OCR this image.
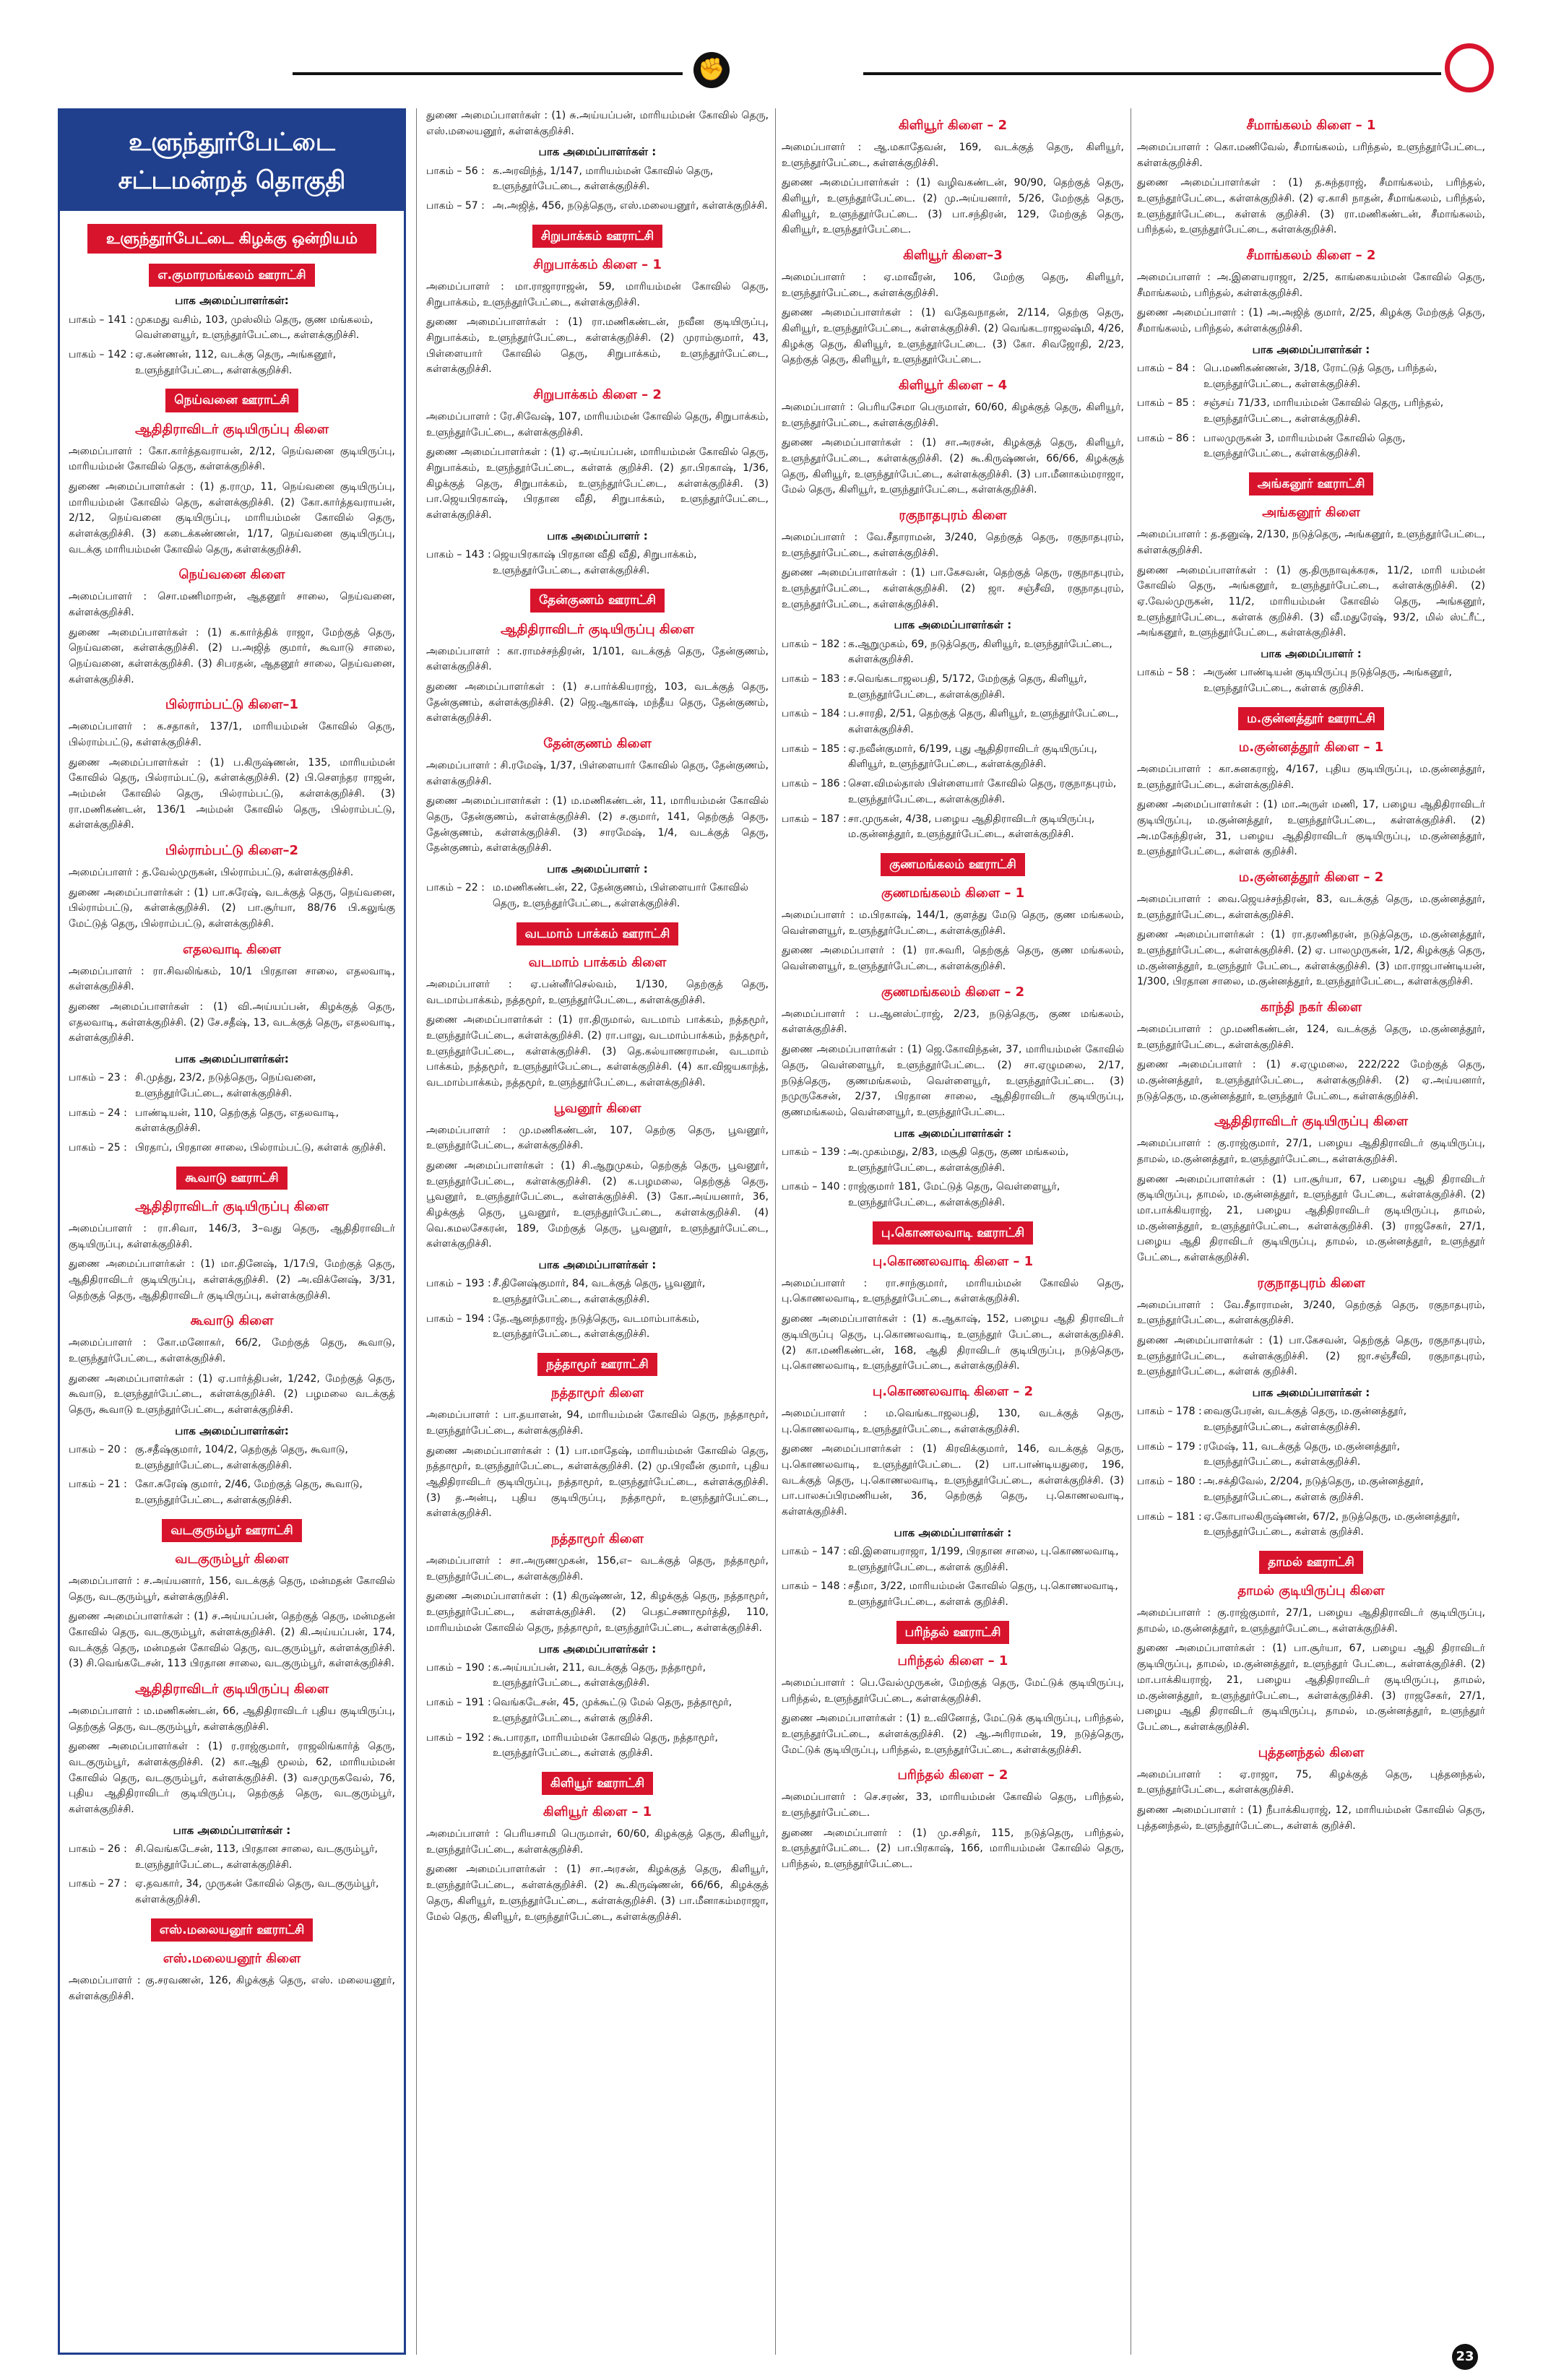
✊
உளுந்தூர்பேட்டை சட்டமன்றத் தொகுதி
உளுந்தூர்பேட்டை கிழக்கு ஒன்றியம்
எ.குமாரமங்கலம் ஊராட்சி
பாக அமைப்பாளர்கள்:
பாகம் – 141 : முகமது வசிம், 103, முஸ்லிம் தெரு, குண மங்கலம், வெள்ளையூர், உளுந்தூர்பேட்டை, கள்ளக்குறிச்சி.
பாகம் – 142 : ஏ.கண்ணன், 112, வடக்கு தெரு, அங்கனூர், உளுந்தூர்பேட்டை, கள்ளக்குறிச்சி.
நெய்வனை ஊராட்சி
ஆதிதிராவிடர் குடியிருப்பு கிளை

அமைப்பாளர் : கோ.கார்த்தவராயன், 2/12, நெய்வனை குடியிருப்பு, மாரியம்மன் கோவில் தெரு, கள்ளக்குறிச்சி.

துணை அமைப்பாளர்கள் : (1) த.ராமு, 11, நெய்வனை குடியிருப்பு, மாரியம்மன் கோவில் தெரு, கள்ளக்குறிச்சி. (2) கோ.கார்த்தவராயன், 2/12, நெய்வனை குடியிருப்பு, மாரியம்மன் கோவில் தெரு, கள்ளக்குறிச்சி. (3) கடைக்கண்ணன், 1/17, நெய்வனை குடியிருப்பு, வடக்கு மாரியம்மன் கோவில் தெரு, கள்ளக்குறிச்சி.

நெய்வனை கிளை

அமைப்பாளர் : சொ.மணிமாறன், ஆதனூர் சாலை, நெய்வனை, கள்ளக்குறிச்சி.

துணை அமைப்பாளர்கள் : (1) க.கார்த்திக் ராஜா, மேற்குத் தெரு, நெய்வனை, கள்ளக்குறிச்சி. (2) ப.அஜித் குமார், கூவாடு சாலை, நெய்வனை, கள்ளக்குறிச்சி. (3) சிபரதன், ஆதனூர் சாலை, நெய்வனை, கள்ளக்குறிச்சி.

பில்ராம்பட்டு கிளை–1

அமைப்பாளர் : க.சதாகர், 137/1, மாரியம்மன் கோவில் தெரு, பில்ராம்பட்டு, கள்ளக்குறிச்சி.

துணை அமைப்பாளர்கள் : (1) ப.கிருஷ்ணன், 135, மாரியம்மன் கோவில் தெரு, பில்ராம்பட்டு, கள்ளக்குறிச்சி. (2) பி.செளந்தர ராஜன், அம்மன் கோவில் தெரு, பில்ராம்பட்டு, கள்ளக்குறிச்சி. (3) ரா.மணிகண்டன், 136/1 அம்மன் கோவில் தெரு, பில்ராம்பட்டு, கள்ளக்குறிச்சி.

பில்ராம்பட்டு கிளை–2

அமைப்பாளர் : த.வேல்முருகன், பில்ராம்பட்டு, கள்ளக்குறிச்சி.

துணை அமைப்பாளர்கள் : (1) பா.சுரேஷ், வடக்குத் தெரு, நெய்வனை, பில்ராம்பட்டு, கள்ளக்குறிச்சி. (2) பா.சூர்யா, 88/76 பி.கலுங்கு மேட்டுத் தெரு, பில்ராம்பட்டு, கள்ளக்குறிச்சி.

எதலவாடி கிளை

அமைப்பாளர் : ரா.சிவலிங்கம், 10/1 பிரதான சாலை, எதலவாடி, கள்ளக்குறிச்சி.

துணை அமைப்பாளர்கள் : (1) வி.அய்யப்பன், கிழக்குத் தெரு, எதலவாடி, கள்ளக்குறிச்சி. (2) சே.சதீஷ், 13, வடக்குத் தெரு, எதலவாடி, கள்ளக்குறிச்சி.

பாக அமைப்பாளர்கள்:
பாகம் – 23 : சி.முத்து, 23/2, நடுத்தெரு, நெய்வனை, உளுந்தூர்பேட்டை, கள்ளக்குறிச்சி.
பாகம் – 24 : பாண்டியன், 110, தெற்குத் தெரு, எதலவாடி, கள்ளக்குறிச்சி.
பாகம் – 25 : பிரதாப், பிரதான சாலை, பில்ராம்பட்டு, கள்ளக் குறிச்சி.
கூவாடு ஊராட்சி
ஆதிதிராவிடர் குடியிருப்பு கிளை

அமைப்பாளர் : ரா.சிவா, 146/3, 3–வது தெரு, ஆதிதிராவிடர் குடியிருப்பு, கள்ளக்குறிச்சி.

துணை அமைப்பாளர்கள் : (1) மா.தினேஷ், 1/17பி, மேற்குத் தெரு, ஆதிதிராவிடர் குடியிருப்பு, கள்ளக்குறிச்சி. (2) அ.விக்னேஷ், 3/31, தெற்குத் தெரு, ஆதிதிராவிடர் குடியிருப்பு, கள்ளக்குறிச்சி.

கூவாடு கிளை

அமைப்பாளர் : கோ.மனோகர், 66/2, மேற்குத் தெரு, கூவாடு, உளுந்தூர்பேட்டை, கள்ளக்குறிச்சி.

துணை அமைப்பாளர்கள் : (1) ஏ.பார்த்திபன், 1/242, மேற்குத் தெரு, கூவாடு, உளுந்தூர்பேட்டை, கள்ளக்குறிச்சி. (2) பழமலை வடக்குத் தெரு, கூவாடு உளுந்தூர்பேட்டை, கள்ளக்குறிச்சி.

பாக அமைப்பாளர்கள்:
பாகம் – 20 : கு.சதீஷ்குமார், 104/2, தெற்குத் தெரு, கூவாடு, உளுந்தூர்பேட்டை, கள்ளக்குறிச்சி.
பாகம் – 21 : கோ.சுரேஷ் குமார், 2/46, மேற்குத் தெரு, கூவாடு, உளுந்தூர்பேட்டை, கள்ளக்குறிச்சி.
வடகுரும்பூர் ஊராட்சி
வடகுரும்பூர் கிளை

அமைப்பாளர் : ச.அய்யனார், 156, வடக்குத் தெரு, மன்மதன் கோவில் தெரு, வடகுரும்பூர், கள்ளக்குறிச்சி.

துணை அமைப்பாளர்கள் : (1) ச.அய்யப்பன், தெற்குத் தெரு, மன்மதன் கோவில் தெரு, வடகுரும்பூர், கள்ளக்குறிச்சி. (2) கி.அய்யப்பன், 174, வடக்குத் தெரு, மன்மதன் கோவில் தெரு, வடகுரும்பூர், கள்ளக்குறிச்சி. (3) சி.வெங்கடேசன், 113 பிரதான சாலை, வடகுரும்பூர், கள்ளக்குறிச்சி.

ஆதிதிராவிடர் குடியிருப்பு கிளை

அமைப்பாளர் : ம.மணிகண்டன், 66, ஆதிதிராவிடர் புதிய குடியிருப்பு, தெற்குத் தெரு, வடகுரும்பூர், கள்ளக்குறிச்சி.

துணை அமைப்பாளர்கள் : (1) ர.ராஜ்குமார், ராஜலிங்கார்த் தெரு, வடகுரும்பூர், கள்ளக்குறிச்சி. (2) கா.ஆதி மூலம், 62, மாரியம்மன் கோவில் தெரு, வடகுரும்பூர், கள்ளக்குறிச்சி. (3) வசமுருகவேல், 76, புதிய ஆதிதிராவிடர் குடியிருப்பு, தெற்குத் தெரு, வடகுரும்பூர், கள்ளக்குறிச்சி.

பாக அமைப்பாளர்கள் :
பாகம் – 26 : சி.வெங்கடேசன், 113, பிரதான சாலை, வடகுரும்பூர், உளுந்தூர்பேட்டை, கள்ளக்குறிச்சி.
பாகம் – 27 : ஏ.தவகார், 34, முருகன் கோவில் தெரு, வடகுரும்பூர், கள்ளக்குறிச்சி.
எஸ்.மலையனூர் ஊராட்சி
எஸ்.மலையனூர் கிளை

அமைப்பாளர் : கு.சரவணன், 126, கிழக்குத் தெரு, எஸ். மலையனூர், கள்ளக்குறிச்சி.

துணை அமைப்பாளர்கள் : (1) சு.அய்யப்பன், மாரியம்மன் கோவில் தெரு, எஸ்.மலையனூர், கள்ளக்குறிச்சி.

பாக அமைப்பாளர்கள் :
பாகம் – 56 : க.அரவிந்த், 1/147, மாரியம்மன் கோவில் தெரு, உளுந்தூர்பேட்டை, கள்ளக்குறிச்சி.
பாகம் – 57 : அ.அஜித், 456, நடுத்தெரு, எஸ்.மலையனூர், கள்ளக்குறிச்சி.
சிறுபாக்கம் ஊராட்சி
சிறுபாக்கம் கிளை – 1

அமைப்பாளர் : மா.ராஜாராஜன், 59, மாரியம்மன் கோவில் தெரு, சிறுபாக்கம், உளுந்தூர்பேட்டை, கள்ளக்குறிச்சி.

துணை அமைப்பாளர்கள் : (1) ரா.மணிகண்டன், நவீன குடியிருப்பு, சிறுபாக்கம், உளுந்தூர்பேட்டை, கள்ளக்குறிச்சி. (2) முராம்குமார், 43, பிள்ளையார் கோவில் தெரு, சிறுபாக்கம், உளுந்தூர்பேட்டை, கள்ளக்குறிச்சி.

சிறுபாக்கம் கிளை – 2

அமைப்பாளர் : ரே.சிவேஷ், 107, மாரியம்மன் கோவில் தெரு, சிறுபாக்கம், உளுந்தூர்பேட்டை, கள்ளக்குறிச்சி.

துணை அமைப்பாளர்கள் : (1) ஏ.அய்யப்பன், மாரியம்மன் கோவில் தெரு, சிறுபாக்கம், உளுந்தூர்பேட்டை, கள்ளக் குறிச்சி. (2) தா.பிரகாஷ், 1/36, கிழக்குத் தெரு, சிறுபாக்கம், உளுந்தூர்பேட்டை, கள்ளக்குறிச்சி. (3) பா.ஜெயபிரகாஷ், பிரதான வீதி, சிறுபாக்கம், உளுந்தூர்பேட்டை, கள்ளக்குறிச்சி.

பாக அமைப்பாளர் :
பாகம் – 143 : ஜெயபிரகாஷ் பிரதான வீதி வீதி, சிறுபாக்கம், உளுந்தூர்பேட்டை, கள்ளக்குறிச்சி.
தேன்குணம் ஊராட்சி
ஆதிதிராவிடர் குடியிருப்பு கிளை

அமைப்பாளர் : கா.ராமச்சந்திரன், 1/101, வடக்குத் தெரு, தேன்குணம், கள்ளக்குறிச்சி.

துணை அமைப்பாளர்கள் : (1) ச.பார்க்கியராஜ், 103, வடக்குத் தெரு, தேன்குணம், கள்ளக்குறிச்சி. (2) ஜெ.ஆகாஷ், மந்தீய தெரு, தேன்குணம், கள்ளக்குறிச்சி.

தேன்குணம் கிளை

அமைப்பாளர் : சி.ரமேஷ், 1/37, பிள்ளையார் கோவில் தெரு, தேன்குணம், கள்ளக்குறிச்சி.

துணை அமைப்பாளர்கள் : (1) ம.மணிகண்டன், 11, மாரியம்மன் கோவில் தெரு, தேன்குணம், கள்ளக்குறிச்சி. (2) ச.குமார், 141, தெற்குத் தெரு, தேன்குணம், கள்ளக்குறிச்சி. (3) சாரமேஷ், 1/4, வடக்குத் தெரு, தேன்குணம், கள்ளக்குறிச்சி.

பாக அமைப்பாளர் :
பாகம் – 22 : ம.மணிகண்டன், 22, தேன்குணம், பிள்ளையார் கோவில் தெரு, உளுந்தூர்பேட்டை, கள்ளக்குறிச்சி.
வடமாம் பாக்கம் ஊராட்சி
வடமாம் பாக்கம் கிளை

அமைப்பாளர் : ஏ.பன்னீர்செல்வம், 1/130, தெற்குத் தெரு, வடமாம்பாக்கம், நத்தமூர், உளுந்தூர்பேட்டை, கள்ளக்குறிச்சி.

துணை அமைப்பாளர்கள் : (1) ரா.திருமால், வடமாம் பாக்கம், நத்தமூர், உளுந்தூர்பேட்டை, கள்ளக்குறிச்சி. (2) ரா.பாலு, வடமாம்பாக்கம், நத்தமூர், உளுந்தூர்பேட்டை, கள்ளக்குறிச்சி. (3) தெ.கல்யாணராமன், வடமாம் பாக்கம், நத்தமூர், உளுந்தூர்பேட்டை, கள்ளக்குறிச்சி. (4) கா.விஜயகாந்த், வடமாம்பாக்கம், நத்தமூர், உளுந்தூர்பேட்டை, கள்ளக்குறிச்சி.

பூவனூர் கிளை

அமைப்பாளர் : மு.மணிகண்டன், 107, தெற்கு தெரு, பூவனூர், உளுந்தூர்பேட்டை, கள்ளக்குறிச்சி.

துணை அமைப்பாளர்கள் : (1) சி.ஆறுமுகம், தெற்குத் தெரு, பூவனூர், உளுந்தூர்பேட்டை, கள்ளக்குறிச்சி. (2) க.பழமலை, தெற்குத் தெரு, பூவனூர், உளுந்தூர்பேட்டை, கள்ளக்குறிச்சி. (3) கோ.அய்யனார், 36, கிழக்குத் தெரு, பூவனூர், உளுந்தூர்பேட்டை, கள்ளக்குறிச்சி. (4) வெ.கமலசேகரன், 189, மேற்குத் தெரு, பூவனூர், உளுந்தூர்பேட்டை, கள்ளக்குறிச்சி.

பாக அமைப்பாளர்கள் :
பாகம் – 193 : சீ.தினேஷ்குமார், 84, வடக்குத் தெரு, பூவனூர், உளுந்தூர்பேட்டை, கள்ளக்குறிச்சி.
பாகம் – 194 : தே.ஆனந்தராஜ், நடுத்தெரு, வடமாம்பாக்கம், உளுந்தூர்பேட்டை, கள்ளக்குறிச்சி.
நத்தாமூர் ஊராட்சி
நத்தாமூர் கிளை

அமைப்பாளர் : பா.தயாளன், 94, மாரியம்மன் கோவில் தெரு, நத்தாமூர், உளுந்தூர்பேட்டை, கள்ளக்குறிச்சி.

துணை அமைப்பாளர்கள் : (1) பா.மாதேஷ், மாரியம்மன் கோவில் தெரு, நத்தாமூர், உளுந்தூர்பேட்டை, கள்ளக்குறிச்சி. (2) மு.பிரவீன் குமார், புதிய ஆதிதிராவிடர் குடியிருப்பு, நத்தாமூர், உளுந்தூர்பேட்டை, கள்ளக்குறிச்சி. (3) த.அன்பு, புதிய குடியிருப்பு, நத்தாமூர், உளுந்தூர்பேட்டை, கள்ளக்குறிச்சி.

நத்தாமூர் கிளை

அமைப்பாளர் : சா.அருணமுகன், 156,எ– வடக்குத் தெரு, நத்தாமூர், உளுந்தூர்பேட்டை, கள்ளக்குறிச்சி.

துணை அமைப்பாளர்கள் : (1) கிருஷ்ணன், 12, கிழக்குத் தெரு, நத்தாமூர், உளுந்தூர்பேட்டை, கள்ளக்குறிச்சி. (2) பெதட்சணாமூர்த்தி, 110, மாரியம்மன் கோவில் தெரு, நத்தாமூர், உளுந்தூர்பேட்டை, கள்ளக்குறிச்சி.

பாக அமைப்பாளர்கள் :
பாகம் – 190 : க.அய்யப்பன், 211, வடக்குத் தெரு, நத்தாமூர், உளுந்தூர்பேட்டை, கள்ளக்குறிச்சி.
பாகம் – 191 : வெங்கடேசன், 45, முக்கூட்டு மேல் தெரு, நத்தாமூர், உளுந்தூர்பேட்டை, கள்ளக் குறிச்சி.
பாகம் – 192 : கூ.பாரதா, மாரியம்மன் கோவில் தெரு, நத்தாமூர், உளுந்தூர்பேட்டை, கள்ளக் குறிச்சி.
கிளியூர் ஊராட்சி
கிளியூர் கிளை – 1

அமைப்பாளர் : பெரியசாமி பெருமாள், 60/60, கிழக்குத் தெரு, கிளியூர், உளுந்தூர்பேட்டை, கள்ளக்குறிச்சி.

துணை அமைப்பாளர்கள் : (1) சா.அரசன், கிழக்குத் தெரு, கிளியூர், உளுந்தூர்பேட்டை, கள்ளக்குறிச்சி. (2) கூ.கிருஷ்ணன், 66/66, கிழக்குத் தெரு, கிளியூர், உளுந்தூர்பேட்டை, கள்ளக்குறிச்சி. (3) பா.மீனாகம்மராஜா, மேல் தெரு, கிளியூர், உளுந்தூர்பேட்டை, கள்ளக்குறிச்சி.

கிளியூர் கிளை – 2

அமைப்பாளர் : ஆ.மகாதேவன், 169, வடக்குத் தெரு, கிளியூர், உளுந்தூர்பேட்டை, கள்ளக்குறிச்சி.

துணை அமைப்பாளர்கள் : (1) வழிவகண்டன், 90/90, தெற்குத் தெரு, கிளியூர், உளுந்தூர்பேட்டை. (2) மு.அய்யனார், 5/26, மேற்குத் தெரு, கிளியூர், உளுந்தூர்பேட்டை. (3) பா.சந்திரன், 129, மேற்குத் தெரு, கிளியூர், உளுந்தூர்பேட்டை.

கிளியூர் கிளை–3

அமைப்பாளர் : ஏ.மாவீரன், 106, மேற்கு தெரு, கிளியூர், உளுந்தூர்பேட்டை, கள்ளக்குறிச்சி.

துணை அமைப்பாளர்கள் : (1) வதேவநாதன், 2/114, தெற்கு தெரு, கிளியூர், உளுந்தூர்பேட்டை, கள்ளக்குறிச்சி. (2) வெங்கடராஜலஷ்மி, 4/26, கிழக்கு தெரு, கிளியூர், உளுந்தூர்பேட்டை. (3) கோ. சிவஜோதி, 2/23, தெற்குத் தெரு, கிளியூர், உளுந்தூர்பேட்டை.

கிளியூர் கிளை – 4

அமைப்பாளர் : பெரியசேமா பெருமாள், 60/60, கிழக்குத் தெரு, கிளியூர், உளுந்தூர்பேட்டை, கள்ளக்குறிச்சி.

துணை அமைப்பாளர்கள் : (1) சா.அரசன், கிழக்குத் தெரு, கிளியூர், உளுந்தூர்பேட்டை, கள்ளக்குறிச்சி. (2) கூ.கிருஷ்ணன், 66/66, கிழக்குத் தெரு, கிளியூர், உளுந்தூர்பேட்டை, கள்ளக்குறிச்சி. (3) பா.மீனாகம்மராஜா, மேல் தெரு, கிளியூர், உளுந்தூர்பேட்டை, கள்ளக்குறிச்சி.

ரகுநாதபுரம் கிளை

அமைப்பாளர் : வே.சீதாராமன், 3/240, தெற்குத் தெரு, ரகுநாதபுரம், உளுந்தூர்பேட்டை, கள்ளக்குறிச்சி.

துணை அமைப்பாளர்கள் : (1) பா.கேசவன், தெற்குத் தெரு, ரகுநாதபுரம், உளுந்தூர்பேட்டை, கள்ளக்குறிச்சி. (2) ஜா. சஞ்சீவி, ரகுநாதபுரம், உளுந்தூர்பேட்டை, கள்ளக்குறிச்சி.

பாக அமைப்பாளர்கள் :
பாகம் – 182 : க.ஆறுமுகம், 69, நடுத்தெரு, கிளியூர், உளுந்தூர்பேட்டை, கள்ளக்குறிச்சி.
பாகம் – 183 : ச.வெங்கடாஜலபதி, 5/172, மேற்குத் தெரு, கிளியூர், உளுந்தூர்பேட்டை, கள்ளக்குறிச்சி.
பாகம் – 184 : ப.சாரதி, 2/51, தெற்குத் தெரு, கிளியூர், உளுந்தூர்பேட்டை, கள்ளக்குறிச்சி.
பாகம் – 185 : ஏ.நவீன்குமார், 6/199, புது ஆதிதிராவிடர் குடியிருப்பு, கிளியூர், உளுந்தூர்பேட்டை, கள்ளக்குறிச்சி.
பாகம் – 186 : சௌ.விமல்தாஸ் பிள்ளையார் கோவில் தெரு, ரகுநாதபுரம், உளுந்தூர்பேட்டை, கள்ளக்குறிச்சி.
பாகம் – 187 : சா.முருகன், 4/38, பழைய ஆதிதிராவிடர் குடியிருப்பு, ம.குன்னத்தூர், உளுந்தூர்பேட்டை, கள்ளக்குறிச்சி.
குணமங்கலம் ஊராட்சி
குணமங்கலம் கிளை – 1

அமைப்பாளர் : ம.பிரகாஷ், 144/1, குளத்து மேடு தெரு, குண மங்கலம், வெள்ளையூர், உளுந்தூர்பேட்டை, கள்ளக்குறிச்சி.

துணை அமைப்பாளர் : (1) ரா.சுவரி, தெற்குத் தெரு, குண மங்கலம், வெள்ளையூர், உளுந்தூர்பேட்டை, கள்ளக்குறிச்சி.

குணமங்கலம் கிளை – 2

அமைப்பாளர் : ப.ஆனஸ்ட்ராஜ், 2/23, நடுத்தெரு, குண மங்கலம், கள்ளக்குறிச்சி.

துணை அமைப்பாளர்கள் : (1) ஜெ.கோவிந்தன், 37, மாரியம்மன் கோவில் தெரு, வெள்ளையூர், உளுந்தூர்பேட்டை. (2) சா.ஏழுமலை, 2/17, நடுத்தெரு, குணமங்கலம், வெள்ளையூர், உளுந்தூர்பேட்டை. (3) நமுருகேசன், 2/37, பிரதான சாலை, ஆதிதிராவிடர் குடியிருப்பு, குணமங்கலம், வெள்ளையூர், உளுந்தூர்பேட்டை.

பாக அமைப்பாளர்கள் :
பாகம் – 139 : அ.முகம்மது, 2/83, மசூதி தெரு, குண மங்கலம், உளுந்தூர்பேட்டை, கள்ளக்குறிச்சி.
பாகம் – 140 : ராஜ்குமார் 181, மேட்டுத் தெரு, வெள்ளையூர், உளுந்தூர்பேட்டை, கள்ளக்குறிச்சி.
பு.கொணலவாடி ஊராட்சி
பு.கொணலவாடி கிளை – 1

அமைப்பாளர் : ரா.சாந்குமார், மாரியம்மன் கோவில் தெரு, பு.கொணலவாடி, உளுந்தூர்பேட்டை, கள்ளக்குறிச்சி.

துணை அமைப்பாளர்கள் : (1) க.ஆகாஷ், 152, பழைய ஆதி திராவிடர் குடியிருப்பு தெரு, பு.கொணலவாடி, உளுந்தூர் பேட்டை, கள்ளக்குறிச்சி. (2) கா.மணிகண்டன், 168, ஆதி திராவிடர் குடியிருப்பு, நடுத்தெரு, பு.கொணலவாடி, உளுந்தூர்பேட்டை, கள்ளக்குறிச்சி.

பு.கொணலவாடி கிளை – 2

அமைப்பாளர் : ம.வெங்கடாஜலபதி, 130, வடக்குத் தெரு, பு.கொணலவாடி, உளுந்தூர்பேட்டை, கள்ளக்குறிச்சி.

துணை அமைப்பாளர்கள் : (1) கிரவிக்குமார், 146, வடக்குத் தெரு, பு.கொணலவாடி, உளுந்தூர்பேட்டை. (2) பா.பாண்டியதுரை, 196, வடக்குத் தெரு, பு.கொணலவாடி, உளுந்தூர்பேட்டை, கள்ளக்குறிச்சி. (3) பா.பாலசுப்பிரமணியன், 36, தெற்குத் தெரு, பு.கொணலவாடி, கள்ளக்குறிச்சி.

பாக அமைப்பாளர்கள் :
பாகம் – 147 : வி.இளையராஜா, 1/199, பிரதான சாலை, பு.கொணலவாடி, உளுந்தூர்பேட்டை, கள்ளக் குறிச்சி.
பாகம் – 148 : சதீமா, 3/22, மாரியம்மன் கோவில் தெரு, பு.கொணலவாடி, உளுந்தூர்பேட்டை, கள்ளக் குறிச்சி.
பரிந்தல் ஊராட்சி
பரிந்தல் கிளை – 1

அமைப்பாளர் : பெ.வேல்முருகன், மேற்குத் தெரு, மேட்டுக் குடியிருப்பு, பரிந்தல், உளுந்தூர்பேட்டை, கள்ளக்குறிச்சி.

துணை அமைப்பாளர்கள் : (1) உ.வினோத், மேட்டுக் குடியிருப்பு, பரிந்தல், உளுந்தூர்பேட்டை, கள்ளக்குறிச்சி. (2) ஆ.அரிராமன், 19, நடுத்தெரு, மேட்டுக் குடியிருப்பு, பரிந்தல், உளுந்தூர்பேட்டை, கள்ளக்குறிச்சி.

பரிந்தல் கிளை – 2

அமைப்பாளர் : செ.சரண், 33, மாரியம்மன் கோவில் தெரு, பரிந்தல், உளுந்தூர்பேட்டை.

துணை அமைப்பாளர் : (1) மு.சசிதர், 115, நடுத்தெரு, பரிந்தல், உளுந்தூர்பேட்டை. (2) பா.பிரகாஷ், 166, மாரியம்மன் கோவில் தெரு, பரிந்தல், உளுந்தூர்பேட்டை.

சீமாங்கலம் கிளை – 1

அமைப்பாளர் : கொ.மணிவேல், சீமாங்கலம், பரிந்தல், உளுந்தூர்பேட்டை, கள்ளக்குறிச்சி.

துணை அமைப்பாளர்கள் : (1) த.சுந்தராஜ், சீமாங்கலம், பரிந்தல், உளுந்தூர்பேட்டை, கள்ளக்குறிச்சி. (2) ஏ.காசி நாதன், சீமாங்கலம், பரிந்தல், உளுந்தூர்பேட்டை, கள்ளக் குறிச்சி. (3) ரா.மணிகண்டன், சீமாங்கலம், பரிந்தல், உளுந்தூர்பேட்டை, கள்ளக்குறிச்சி.

சீமாங்கலம் கிளை – 2

அமைப்பாளர் : அ.இளையராஜா, 2/25, காங்கையம்மன் கோவில் தெரு, சீமாங்கலம், பரிந்தல், கள்ளக்குறிச்சி.

துணை அமைப்பாளர் : (1) அ.அஜித் குமார், 2/25, கிழக்கு மேற்குத் தெரு, சீமாங்கலம், பரிந்தல், கள்ளக்குறிச்சி.

பாக அமைப்பாளர்கள் :
பாகம் – 84 : பெ.மணிகண்ணன், 3/18, ரோட்டுத் தெரு, பரிந்தல், உளுந்தூர்பேட்டை, கள்ளக்குறிச்சி.
பாகம் – 85 : சஞ்சய் 71/33, மாரியம்மன் கோவில் தெரு, பரிந்தல், உளுந்தூர்பேட்டை, கள்ளக்குறிச்சி.
பாகம் – 86 : பாலமுருகன் 3, மாரியம்மன் கோவில் தெரு, உளுந்தூர்பேட்டை, கள்ளக்குறிச்சி.
அங்கனூர் ஊராட்சி
அங்கனூர் கிளை

அமைப்பாளர் : த.தனுஷ், 2/130, நடுத்தெரு, அங்கனூர், உளுந்தூர்பேட்டை, கள்ளக்குறிச்சி.

துணை அமைப்பாளர்கள் : (1) கு.திருநாவுக்கரசு, 11/2, மாரி யம்மன் கோவில் தெரு, அங்கனூர், உளுந்தூர்பேட்டை, கள்ளக்குறிச்சி. (2) ஏ.வேல்முருகன், 11/2, மாரியம்மன் கோவில் தெரு, அங்கனூர், உளுந்தூர்பேட்டை, கள்ளக் குறிச்சி. (3) வீ.மதுரேஷ், 93/2, மில் ஸ்ட்ரீட், அங்கனூர், உளுந்தூர்பேட்டை, கள்ளக்குறிச்சி.

பாக அமைப்பாளர் :
பாகம் – 58 : அருண் பாண்டியன் குடியிருப்பு நடுத்தெரு, அங்கனூர், உளுந்தூர்பேட்டை, கள்ளக் குறிச்சி.
ம.குன்னத்தூர் ஊராட்சி
ம.குன்னத்தூர் கிளை – 1

அமைப்பாளர் : கா.சுனகராஜ், 4/167, புதிய குடியிருப்பு, ம.குன்னத்தூர், உளுந்தூர்பேட்டை, கள்ளக்குறிச்சி.

துணை அமைப்பாளர்கள் : (1) மா.அருள் மணி, 17, பழைய ஆதிதிராவிடர் குடியிருப்பு, ம.குன்னத்தூர், உளுந்தூர்பேட்டை, கள்ளக்குறிச்சி. (2) அ.மகேந்திரன், 31, பழைய ஆதிதிராவிடர் குடியிருப்பு, ம.குன்னத்தூர், உளுந்தூர்பேட்டை, கள்ளக் குறிச்சி.

ம.குன்னத்தூர் கிளை – 2

அமைப்பாளர் : வை.ஜெயச்சந்திரன், 83, வடக்குத் தெரு, ம.குன்னத்தூர், உளுந்தூர்பேட்டை, கள்ளக்குறிச்சி.

துணை அமைப்பாளர்கள் : (1) ரா.தரணிதரன், நடுத்தெரு, ம.குன்னத்தூர், உளுந்தூர்பேட்டை, கள்ளக்குறிச்சி. (2) ஏ. பாலமுருகன், 1/2, கிழக்குத் தெரு, ம.குன்னத்தூர், உளுந்தூர் பேட்டை, கள்ளக்குறிச்சி. (3) மா.ராஜபாண்டியன், 1/300, பிரதான சாலை, ம.குன்னத்தூர், உளுந்தூர்பேட்டை, கள்ளக்குறிச்சி.

காந்தி நகர் கிளை

அமைப்பாளர் : மு.மணிகண்டன், 124, வடக்குத் தெரு, ம.குன்னத்தூர், உளுந்தூர்பேட்டை, கள்ளக்குறிச்சி.

துணை அமைப்பாளர் : (1) ச.ஏழுமலை, 222/222 மேற்குத் தெரு, ம.குன்னத்தூர், உளுந்தூர்பேட்டை, கள்ளக்குறிச்சி. (2) ஏ.அய்யனார், நடுத்தெரு, ம.குன்னத்தூர், உளுந்தூர் பேட்டை, கள்ளக்குறிச்சி.

ஆதிதிராவிடர் குடியிருப்பு கிளை

அமைப்பாளர் : கு.ராஜ்குமார், 27/1, பழைய ஆதிதிராவிடர் குடியிருப்பு, தாமல், ம.குன்னத்தூர், உளுந்தூர்பேட்டை, கள்ளக்குறிச்சி.

துணை அமைப்பாளர்கள் : (1) பா.சூர்யா, 67, பழைய ஆதி திராவிடர் குடியிருப்பு, தாமல், ம.குன்னத்தூர், உளுந்தூர் பேட்டை, கள்ளக்குறிச்சி. (2) மா.பாக்கியராஜ், 21, பழைய ஆதிதிராவிடர் குடியிருப்பு, தாமல், ம.குன்னத்தூர், உளுந்தூர்பேட்டை, கள்ளக்குறிச்சி. (3) ராஜசேகர், 27/1, பழைய ஆதி திராவிடர் குடியிருப்பு, தாமல், ம.குன்னத்தூர், உளுந்தூர் பேட்டை, கள்ளக்குறிச்சி.

ரகுநாதபுரம் கிளை

அமைப்பாளர் : வே.சீதாராமன், 3/240, தெற்குத் தெரு, ரகுநாதபுரம், உளுந்தூர்பேட்டை, கள்ளக்குறிச்சி.

துணை அமைப்பாளர்கள் : (1) பா.கேசவன், தெற்குத் தெரு, ரகுநாதபுரம், உளுந்தூர்பேட்டை, கள்ளக்குறிச்சி. (2) ஜா.சஞ்சீவி, ரகுநாதபுரம், உளுந்தூர்பேட்டை, கள்ளக் குறிச்சி.

பாக அமைப்பாளர்கள் :
பாகம் – 178 : வைகுபேரன், வடக்குத் தெரு, ம.குன்னத்தூர், உளுந்தூர்பேட்டை, கள்ளக்குறிச்சி.
பாகம் – 179 : ரமேஷ், 11, வடக்குத் தெரு, ம.குன்னத்தூர், உளுந்தூர்பேட்டை, கள்ளக்குறிச்சி.
பாகம் – 180 : அ.சக்திவேல், 2/204, நடுத்தெரு, ம.குன்னத்தூர், உளுந்தூர்பேட்டை, கள்ளக் குறிச்சி.
பாகம் – 181 : ஏ.கோபாலகிருஷ்ணன், 67/2, நடுத்தெரு, ம.குன்னத்தூர், உளுந்தூர்பேட்டை, கள்ளக் குறிச்சி.
தாமல் ஊராட்சி
தாமல் குடியிருப்பு கிளை

அமைப்பாளர் : கு.ராஜ்குமார், 27/1, பழைய ஆதிதிராவிடர் குடியிருப்பு, தாமல், ம.குன்னத்தூர், உளுந்தூர்பேட்டை, கள்ளக்குறிச்சி.

துணை அமைப்பாளர்கள் : (1) பா.சூர்யா, 67, பழைய ஆதி திராவிடர் குடியிருப்பு, தாமல், ம.குன்னத்தூர், உளுந்தூர் பேட்டை, கள்ளக்குறிச்சி. (2) மா.பாக்கியராஜ், 21, பழைய ஆதிதிராவிடர் குடியிருப்பு, தாமல், ம.குன்னத்தூர், உளுந்தூர்பேட்டை, கள்ளக்குறிச்சி. (3) ராஜசேகர், 27/1, பழைய ஆதி திராவிடர் குடியிருப்பு, தாமல், ம.குன்னத்தூர், உளுந்தூர் பேட்டை, கள்ளக்குறிச்சி.

புத்தனந்தல் கிளை

அமைப்பாளர் : ஏ.ராஜா, 75, கிழக்குத் தெரு, புத்தனந்தல், உளுந்தூர்பேட்டை, கள்ளக்குறிச்சி.

துணை அமைப்பாளர் : (1) நீபாக்கியராஜ், 12, மாரியம்மன் கோவில் தெரு, புத்தனந்தல், உளுந்தூர்பேட்டை, கள்ளக் குறிச்சி.

23
